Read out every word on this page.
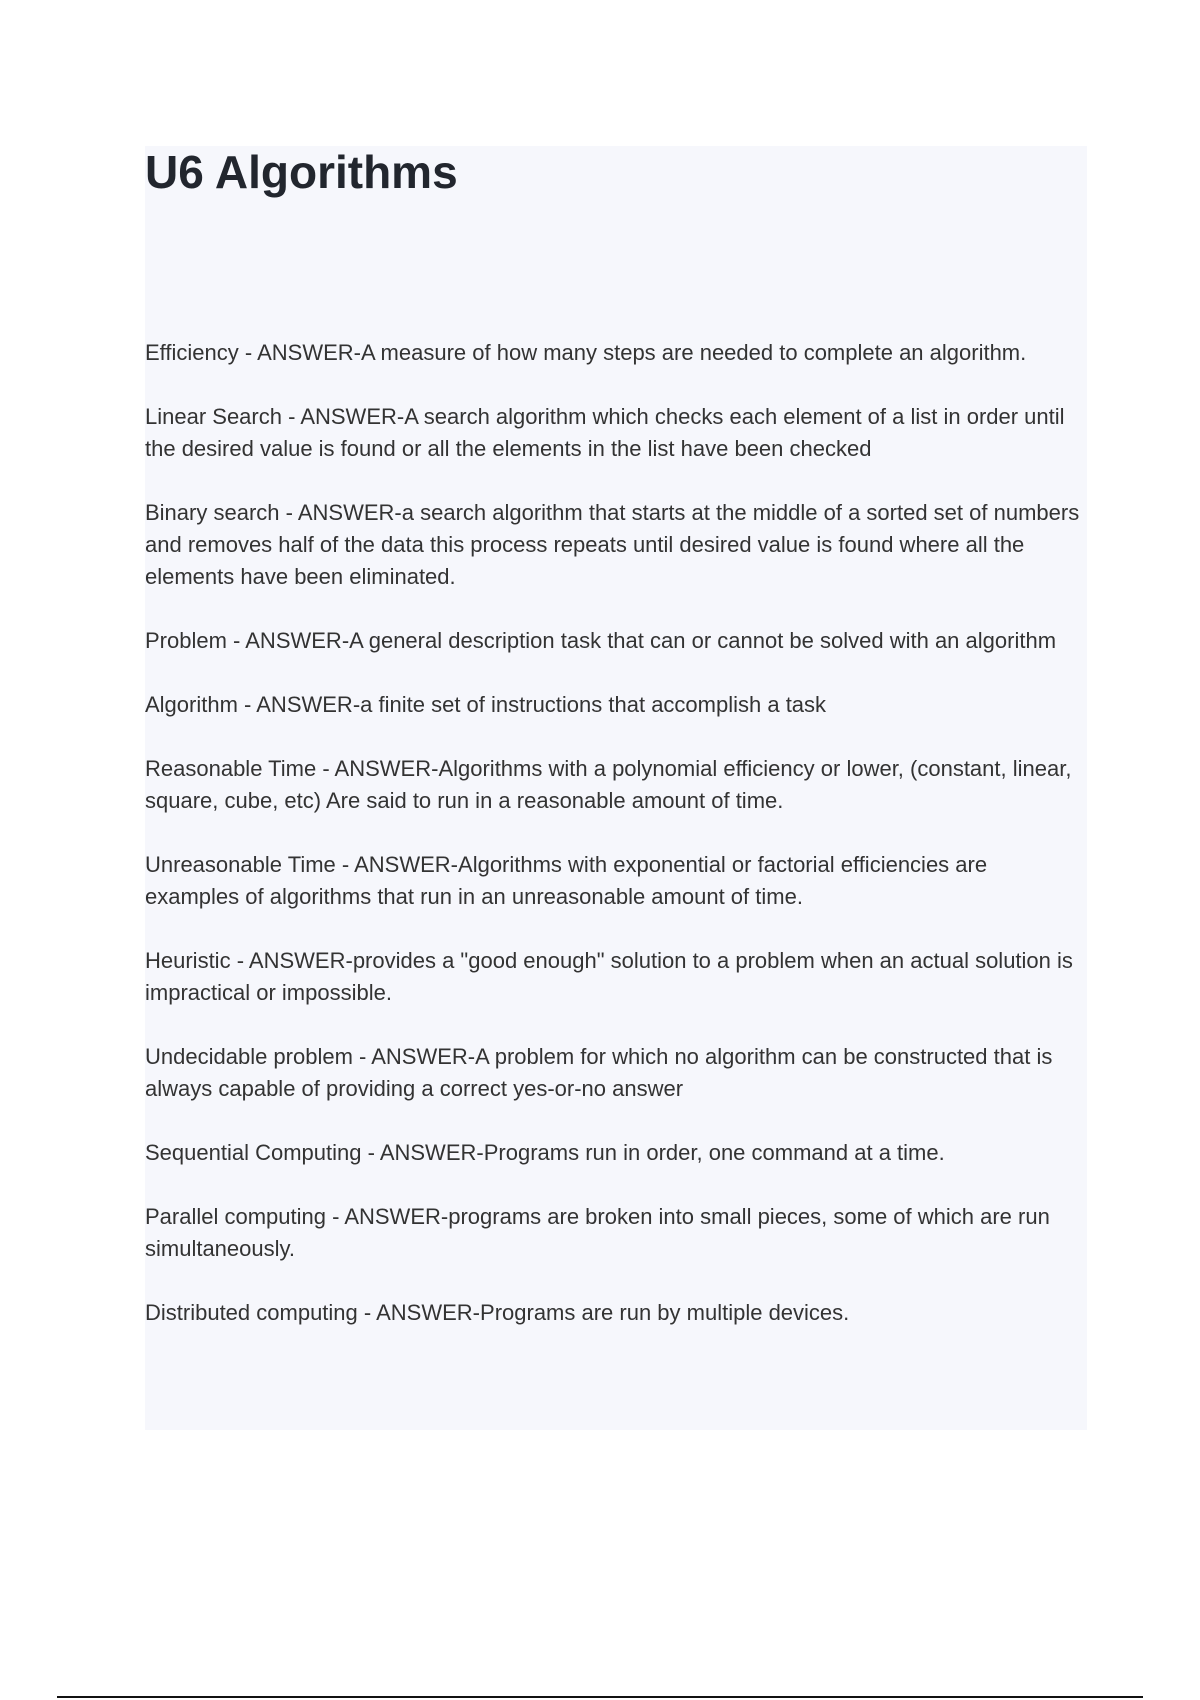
U6 Algorithms
Efficiency - ANSWER-A measure of how many steps are needed to complete an algorithm.
Linear Search - ANSWER-A search algorithm which checks each element of a list in order until the desired value is found or all the elements in the list have been checked
Binary search - ANSWER-a search algorithm that starts at the middle of a sorted set of numbers and removes half of the data this process repeats until desired value is found where all the elements have been eliminated.
Problem - ANSWER-A general description task that can or cannot be solved with an algorithm
Algorithm - ANSWER-a finite set of instructions that accomplish a task
Reasonable Time - ANSWER-Algorithms with a polynomial efficiency or lower, (constant, linear, square, cube, etc) Are said to run in a reasonable amount of time.
Unreasonable Time - ANSWER-Algorithms with exponential or factorial efficiencies are examples of algorithms that run in an unreasonable amount of time.
Heuristic - ANSWER-provides a "good enough" solution to a problem when an actual solution is impractical or impossible.
Undecidable problem - ANSWER-A problem for which no algorithm can be constructed that is always capable of providing a correct yes-or-no answer
Sequential Computing - ANSWER-Programs run in order, one command at a time.
Parallel computing - ANSWER-programs are broken into small pieces, some of which are run simultaneously.
Distributed computing - ANSWER-Programs are run by multiple devices.
